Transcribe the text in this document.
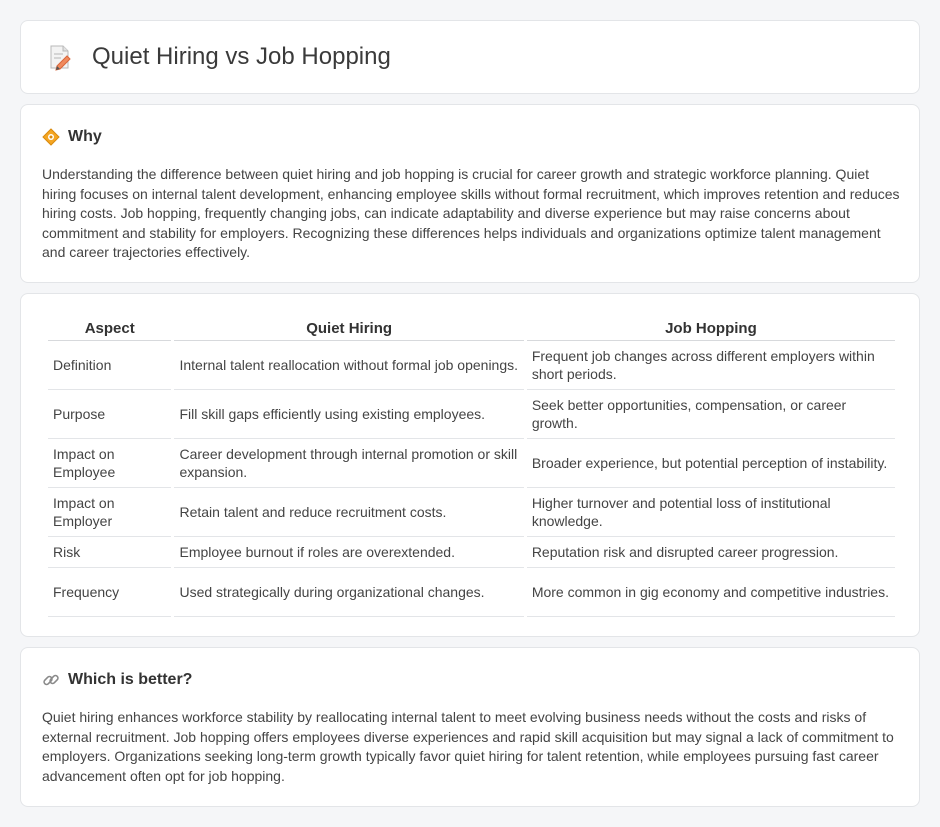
Quiet Hiring vs Job Hopping
Why

Understanding the difference between quiet hiring and job hopping is crucial for career growth and strategic workforce planning. Quiet hiring focuses on internal talent development, enhancing employee skills without formal recruitment, which improves retention and reduces hiring costs. Job hopping, frequently changing jobs, can indicate adaptability and diverse experience but may raise concerns about commitment and stability for employers. Recognizing these differences helps individuals and organizations optimize talent management and career trajectories effectively.

Aspect	Quiet Hiring	Job Hopping
Definition	Internal talent reallocation without formal job openings.	Frequent job changes across different employers within short periods.
Purpose	Fill skill gaps efficiently using existing employees.	Seek better opportunities, compensation, or career growth.
Impact on Employee	Career development through internal promotion or skill expansion.	Broader experience, but potential perception of instability.
Impact on Employer	Retain talent and reduce recruitment costs.	Higher turnover and potential loss of institutional knowledge.
Risk	Employee burnout if roles are overextended.	Reputation risk and disrupted career progression.
Frequency	Used strategically during organizational changes.	More common in gig economy and competitive industries.
Which is better?

Quiet hiring enhances workforce stability by reallocating internal talent to meet evolving business needs without the costs and risks of external recruitment. Job hopping offers employees diverse experiences and rapid skill acquisition but may signal a lack of commitment to employers. Organizations seeking long-term growth typically favor quiet hiring for talent retention, while employees pursuing fast career advancement often opt for job hopping.
